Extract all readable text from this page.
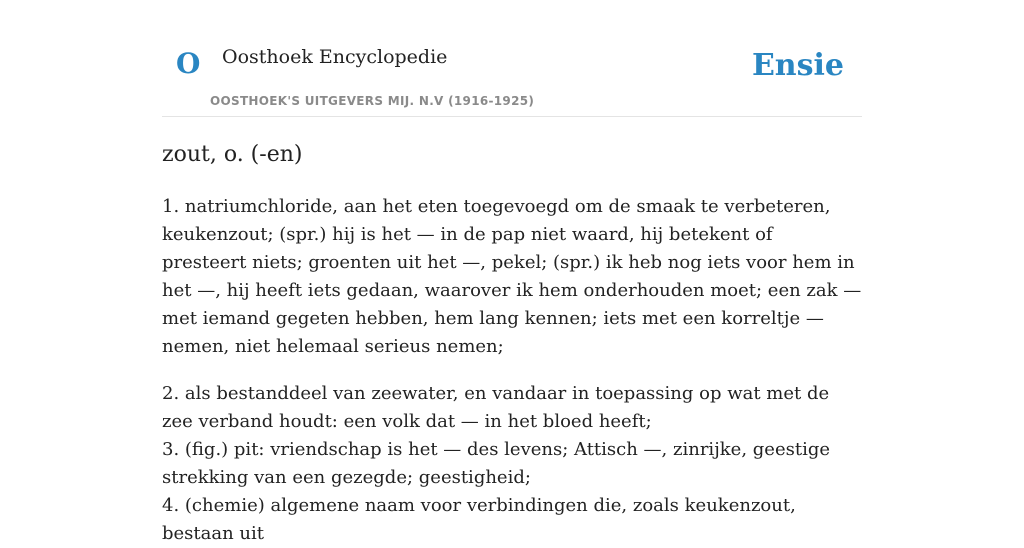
O Oosthoek Encyclopedie
OOSTHOEK'S UITGEVERS MIJ. N.V (1916-1925)
Ensie
zout, o. (-en)

1. natriumchloride, aan het eten toegevoegd om de smaak te verbeteren, keukenzout; (spr.) hij is het — in de pap niet waard, hij betekent of presteert niets; groenten uit het —, pekel; (spr.) ik heb nog iets voor hem in het —, hij heeft iets gedaan, waarover ik hem onderhouden moet; een zak — met iemand gegeten hebben, hem lang kennen; iets met een korreltje — nemen, niet helemaal serieus nemen;

2. als bestanddeel van zeewater, en vandaar in toepassing op wat met de zee verband houdt: een volk dat — in het bloed heeft;
3. (fig.) pit: vriendschap is het — des levens; Attisch —, zinrijke, geestige strekking van een gezegde; geestigheid;
4. (chemie) algemene naam voor verbindingen die, zoals keukenzout, bestaan uit
